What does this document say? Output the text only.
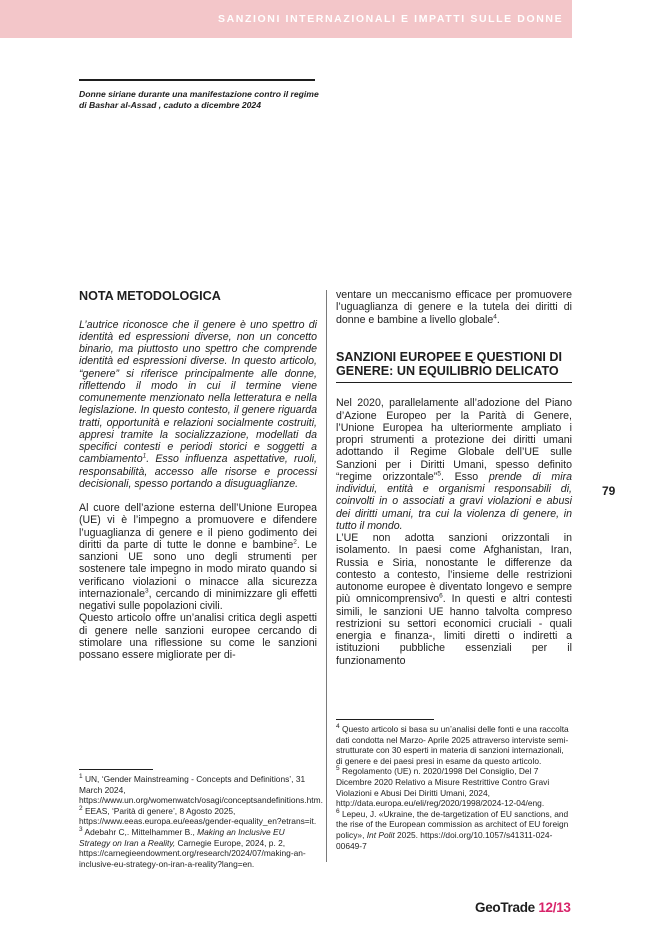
SANZIONI INTERNAZIONALI E IMPATTI SULLE DONNE
Donne siriane durante una manifestazione contro il regime di Bashar al-Assad , caduto a dicembre 2024
NOTA METODOLOGICA

L’autrice riconosce che il genere è uno spettro di identità ed espressioni diverse, non un concetto binario, ma piuttosto uno spettro che comprende identità ed espressioni diverse. In questo articolo, “genere” si riferisce principalmente alle donne, riflettendo il modo in cui il termine viene comunemente menzionato nella letteratura e nella legislazione. In questo contesto, il genere riguarda tratti, opportunità e relazioni socialmente costruiti, appresi tramite la socializzazione, modellati da specifici contesti e periodi storici e soggetti a cambiamento$^1$. Esso influenza aspettative, ruoli, responsabilità, accesso alle risorse e processi decisionali, spesso portando a disuguaglianze.

Al cuore dell’azione esterna dell’Unione Europea (UE) vi è l’impegno a promuovere e difendere l’uguaglianza di genere e il pieno godimento dei diritti da parte di tutte le donne e bambine$^2$. Le sanzioni UE sono uno degli strumenti per sostenere tale impegno in modo mirato quando si verificano violazioni o minacce alla sicurezza internazionale$^3$, cercando di minimizzare gli effetti negativi sulle popolazioni civili.

Questo articolo offre un’analisi critica degli aspetti di genere nelle sanzioni europee cercando di stimolare una riflessione su come le sanzioni possano essere migliorate per di-

ventare un meccanismo efficace per promuovere l’uguaglianza di genere e la tutela dei diritti di donne e bambine a livello globale$^4$.

SANZIONI EUROPEE E QUESTIONI DI GENERE: UN EQUILIBRIO DELICATO

Nel 2020, parallelamente all’adozione del Piano d’Azione Europeo per la Parità di Genere, l’Unione Europea ha ulteriormente ampliato i propri strumenti a protezione dei diritti umani adottando il Regime Globale dell’UE sulle Sanzioni per i Diritti Umani, spesso definito “regime orizzontale”$^5$. Esso prende di mira individui, entità e organismi responsabili di, coinvolti in o associati a gravi violazioni e abusi dei diritti umani, tra cui la violenza di genere, in tutto il mondo.

L’UE non adotta sanzioni orizzontali in isolamento. In paesi come Afghanistan, Iran, Russia e Siria, nonostante le differenze da contesto a contesto, l’insieme delle restrizioni autonome europee è diventato longevo e sempre più omnicomprensivo$^6$. In questi e altri contesti simili, le sanzioni UE hanno talvolta compreso restrizioni su settori economici cruciali - quali energia e finanza-, limiti diretti o indiretti a istituzioni pubbliche essenziali per il funzionamento

$^1$ UN, ‘Gender Mainstreaming - Concepts and Definitions’, 31 March 2024, https://www.un.org/womenwatch/osagi/conceptsandefinitions.htm.

$^2$ EEAS, ‘Parità di genere’, 8 Agosto 2025, https://www.eeas.europa.eu/eeas/gender-equality_en?etrans=it.

$^3$ Adebahr C,. Mittelhammer B., Making an Inclusive EU Strategy on Iran a Reality, Carnegie Europe, 2024, p. 2, https://carnegieendowment.org/research/2024/07/making-an-inclusive-eu-strategy-on-iran-a-reality?lang=en.

$^4$ Questo articolo si basa su un’analisi delle fonti e una raccolta dati condotta nel Marzo- Aprile 2025 attraverso interviste semi-strutturate con 30 esperti in materia di sanzioni internazionali, di genere e dei paesi presi in esame da questo articolo.

$^5$ Regolamento (UE) n. 2020/1998 Del Consiglio, Del 7 Dicembre 2020 Relativo a Misure Restrittive Contro Gravi Violazioni e Abusi Dei Diritti Umani, 2024, http://data.europa.eu/eli/reg/2020/1998/2024-12-04/eng.

$^6$ Lepeu, J. «Ukraine, the de-targetization of EU sanctions, and the rise of the European commission as architect of EU foreign policy», Int Polit 2025. https://doi.org/10.1057/s41311-024-00649-7

79
GeoTrade 12/13
